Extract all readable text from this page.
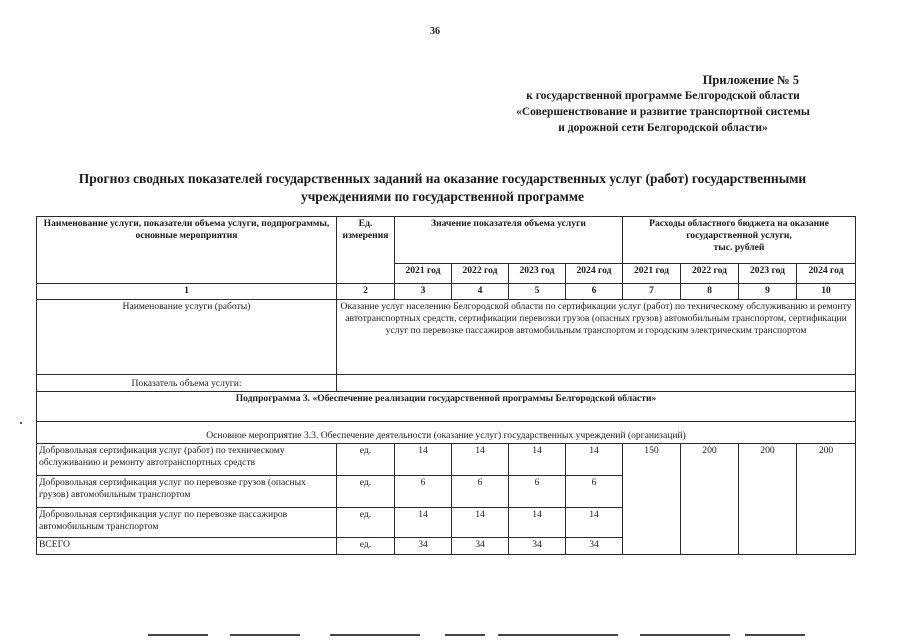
36
Приложение № 5
к государственной программе Белгородской области
«Совершенствование и развитие транспортной системы
и дорожной сети Белгородской области»
Прогноз сводных показателей государственных заданий на оказание государственных услуг (работ) государственными
учреждениями по государственной программе
Наименование услуги, показатели объема услуги, подпрограммы, основные мероприятия	Ед. измерения	Значение показателя объема услуги				Расходы областного бюджета на оказание
государственной услуги,
тыс. рублей			

		2021 год	2022 год	2023 год	2024 год	2021 год	2022 год	2023 год	2024 год
1	2	3	4	5	6	7	8	9	10
Наименование услуги (работы)	Оказание услуг населению Белгородской области по сертификации услуг (работ) по техническому обслуживанию и ремонту автотранспортных средств, сертификации перевозки грузов (опасных грузов) автомобильным транспортом, сертификации услуг по перевозке пассажиров автомобильным транспортом и городским электрическим транспортом								
Показатель объема услуги:									
Подпрограмма 3. «Обеспечение реализации государственной программы Белгородской области»									
Основное мероприятие 3.3. Обеспечение деятельности (оказание услуг) государственных учреждений (организаций)									
Добровольная сертификация услуг (работ) по техническому обслуживанию и ремонту автотранспортных средств	ед.	14	14	14	14	150	200	200	200
Добровольная сертификация услуг по перевозке грузов (опасных грузов) автомобильным транспортом	ед.	6	6	6	6				
Добровольная сертификация услуг по перевозке пассажиров автомобильным транспортом	ед.	14	14	14	14				
ВСЕГО	ед.	34	34	34	34				
